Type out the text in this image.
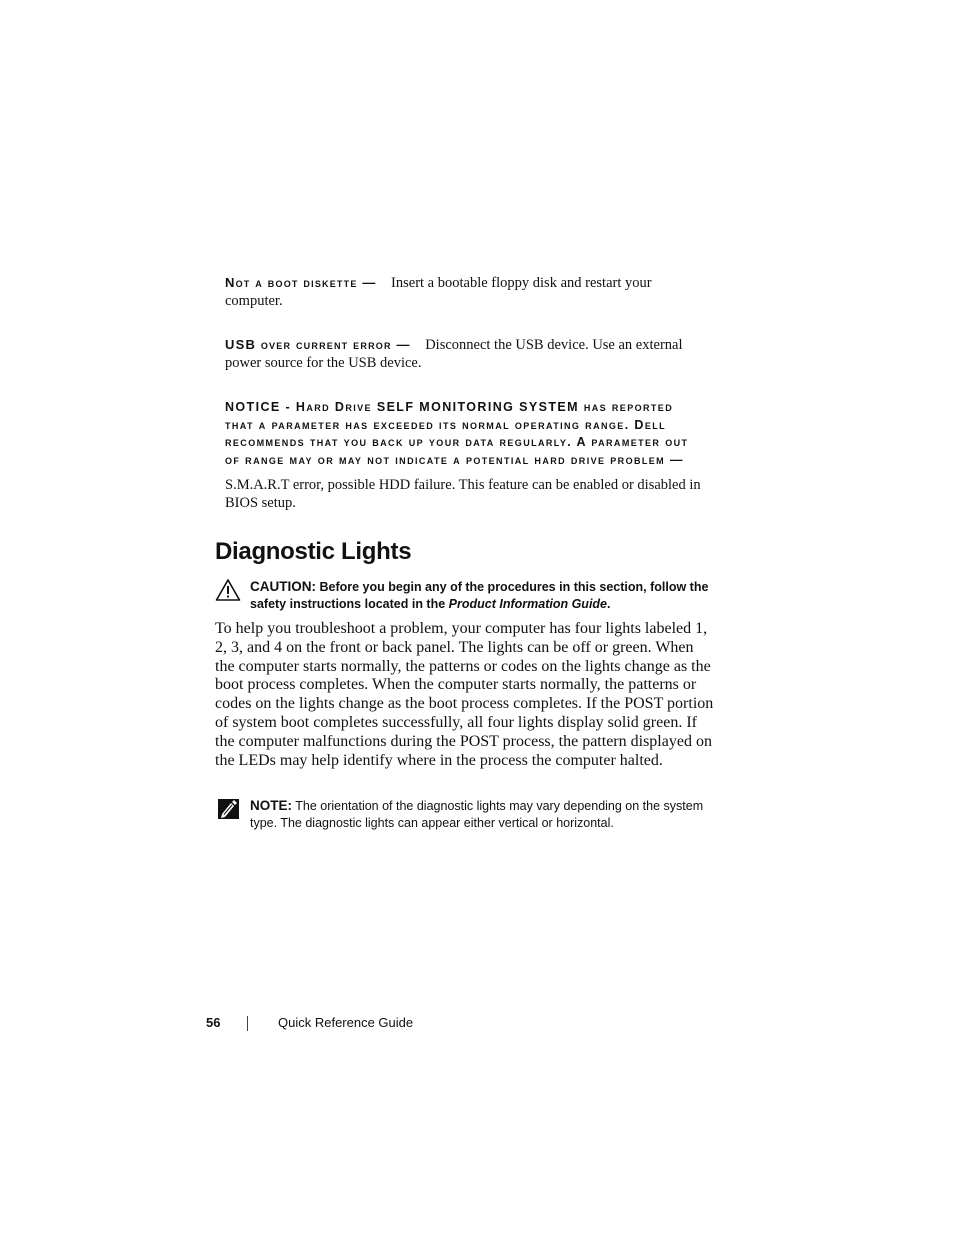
Not a boot diskette — Insert a bootable floppy disk and restart your computer.
USB over current error — Disconnect the USB device. Use an external power source for the USB device.
NOTICE - Hard Drive SELF MONITORING SYSTEM has reported that a parameter has exceeded its normal operating range. Dell recommends that you back up your data regularly. A parameter out of range may or may not indicate a potential hard drive problem —
S.M.A.R.T error, possible HDD failure. This feature can be enabled or disabled in BIOS setup.
Diagnostic Lights
CAUTION: Before you begin any of the procedures in this section, follow the safety instructions located in the Product Information Guide.

To help you troubleshoot a problem, your computer has four lights labeled 1, 2, 3, and 4 on the front or back panel. The lights can be off or green. When the computer starts normally, the patterns or codes on the lights change as the boot process completes. When the computer starts normally, the patterns or codes on the lights change as the boot process completes. If the POST portion of system boot completes successfully, all four lights display solid green. If the computer malfunctions during the POST process, the pattern displayed on the LEDs may help identify where in the process the computer halted.

NOTE: The orientation of the diagnostic lights may vary depending on the system type. The diagnostic lights can appear either vertical or horizontal.
56	Quick Reference Guide
